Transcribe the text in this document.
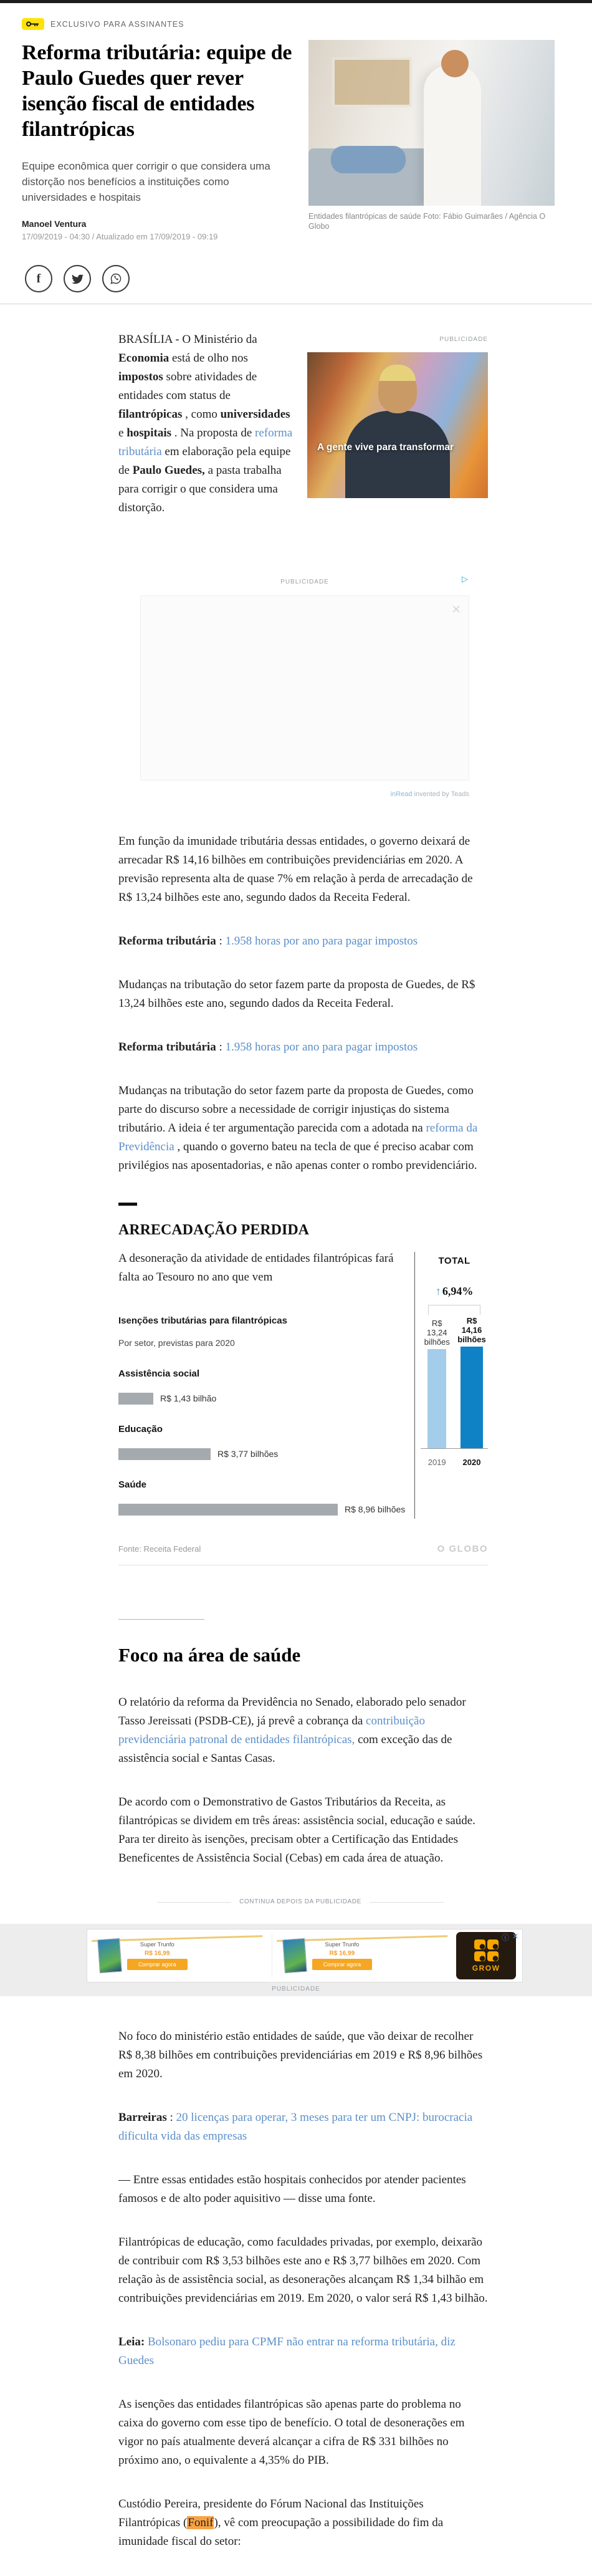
EXCLUSIVO PARA ASSINANTES
Reforma tributária: equipe de Paulo Guedes quer rever isenção fiscal de entidades filantrópicas
Equipe econômica quer corrigir o que considera uma distorção nos benefícios a instituições como universidades e hospitais
Manoel Ventura
17/09/2019 - 04:30 / Atualizado em 17/09/2019 - 09:19
Entidades filantrópicas de saúde Foto: Fábio Guimarães / Agência O Globo
f

BRASÍLIA - O Ministério da Economia está de olho nos impostos sobre atividades de entidades com status de filantrópicas , como universidades e hospitais . Na proposta de reforma tributária em elaboração pela equipe de Paulo Guedes, a pasta trabalha para corrigir o que considera uma distorção.

PUBLICIDADE
A gente vive para transformar
PUBLICIDADE	▷
✕
inRead invented by Teads

Em função da imunidade tributária dessas entidades, o governo deixará de arrecadar R$ 14,16 bilhões em contribuições previdenciárias em 2020. A previsão representa alta de quase 7% em relação à perda de arrecadação de R$ 13,24 bilhões este ano, segundo dados da Receita Federal.

Reforma tributária : 1.958 horas por ano para pagar impostos

Mudanças na tributação do setor fazem parte da proposta de Guedes, de R$ 13,24 bilhões este ano, segundo dados da Receita Federal.

Reforma tributária : 1.958 horas por ano para pagar impostos

Mudanças na tributação do setor fazem parte da proposta de Guedes, como parte do discurso sobre a necessidade de corrigir injustiças do sistema tributário. A ideia é ter argumentação parecida com a adotada na reforma da Previdência , quando o governo bateu na tecla de que é preciso acabar com privilégios nas aposentadorias, e não apenas conter o rombo previdenciário.

ARRECADAÇÃO PERDIDA

A desoneração da atividade de entidades filantrópicas fará falta ao Tesouro no ano que vem

Isenções tributárias para filantrópicas
Por setor, previstas para 2020
Assistência social
R$ 1,43 bilhão
Educação
R$ 3,77 bilhões
Saúde
R$ 8,96 bilhões
TOTAL
↑ 6,94%
R$ 13,24 bilhões
R$ 14,16 bilhões
2019	2020
Fonte: Receita Federal	O GLOBO
Foco na área de saúde

O relatório da reforma da Previdência no Senado, elaborado pelo senador Tasso Jereissati (PSDB-CE), já prevê a cobrança da contribuição previdenciária patronal de entidades filantrópicas, com exceção das de assistência social e Santas Casas.

De acordo com o Demonstrativo de Gastos Tributários da Receita, as filantrópicas se dividem em três áreas: assistência social, educação e saúde. Para ter direito às isenções, precisam obter a Certificação das Entidades Beneficentes de Assistência Social (Cebas) em cada área de atuação.

CONTINUA DEPOIS DA PUBLICIDADE
Super Trunfo
R$ 16,99
Comprar agora
Super Trunfo
R$ 16,99
Comprar agora	GROW
ⓘ ✕
PUBLICIDADE

No foco do ministério estão entidades de saúde, que vão deixar de recolher R$ 8,38 bilhões em contribuições previdenciárias em 2019 e R$ 8,96 bilhões em 2020.

Barreiras : 20 licenças para operar, 3 meses para ter um CNPJ: burocracia dificulta vida das empresas

— Entre essas entidades estão hospitais conhecidos por atender pacientes famosos e de alto poder aquisitivo — disse uma fonte.

Filantrópicas de educação, como faculdades privadas, por exemplo, deixarão de contribuir com R$ 3,53 bilhões este ano e R$ 3,77 bilhões em 2020. Com relação às de assistência social, as desonerações alcançam R$ 1,34 bilhão em contribuições previdenciárias em 2019. Em 2020, o valor será R$ 1,43 bilhão.

Leia: Bolsonaro pediu para CPMF não entrar na reforma tributária, diz Guedes

As isenções das entidades filantrópicas são apenas parte do problema no caixa do governo com esse tipo de benefício. O total de desonerações em vigor no país atualmente deverá alcançar a cifra de R$ 331 bilhões no próximo ano, o equivalente a 4,35% do PIB.

Custódio Pereira, presidente do Fórum Nacional das Instituições Filantrópicas (Fonif), vê com preocupação a possibilidade do fim da imunidade fiscal do setor:
